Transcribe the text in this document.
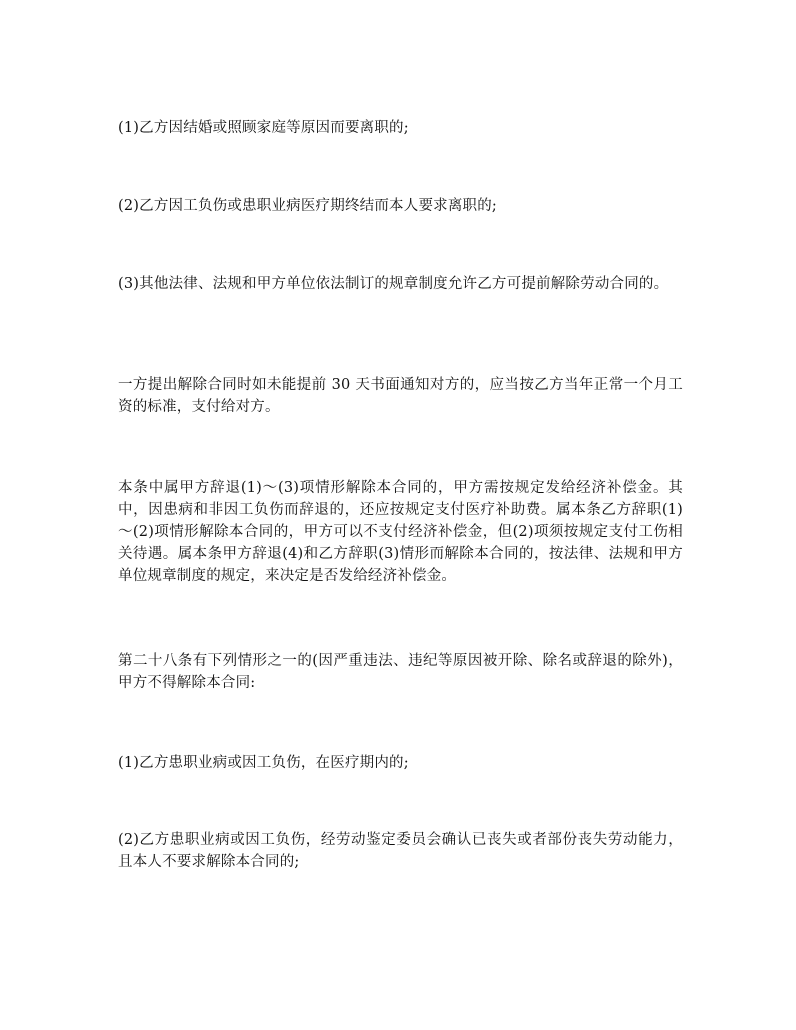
(1)乙方因结婚或照顾家庭等原因而要离职的;

(2)乙方因工负伤或患职业病医疗期终结而本人要求离职的;

(3)其他法律、法规和甲方单位依法制订的规章制度允许乙方可提前解除劳动合同的。

一方提出解除合同时如未能提前 30 天书面通知对方的，应当按乙方当年正常一个月工资的标准，支付给对方。

本条中属甲方辞退(1)～(3)项情形解除本合同的，甲方需按规定发给经济补偿金。其中，因患病和非因工负伤而辞退的，还应按规定支付医疗补助费。属本条乙方辞职(1)～(2)项情形解除本合同的，甲方可以不支付经济补偿金，但(2)项须按规定支付工伤相关待遇。属本条甲方辞退(4)和乙方辞职(3)情形而解除本合同的，按法律、法规和甲方单位规章制度的规定，来决定是否发给经济补偿金。

第二十八条有下列情形之一的(因严重违法、违纪等原因被开除、除名或辞退的除外)，甲方不得解除本合同:

(1)乙方患职业病或因工负伤，在医疗期内的;

(2)乙方患职业病或因工负伤，经劳动鉴定委员会确认已丧失或者部份丧失劳动能力，且本人不要求解除本合同的;
